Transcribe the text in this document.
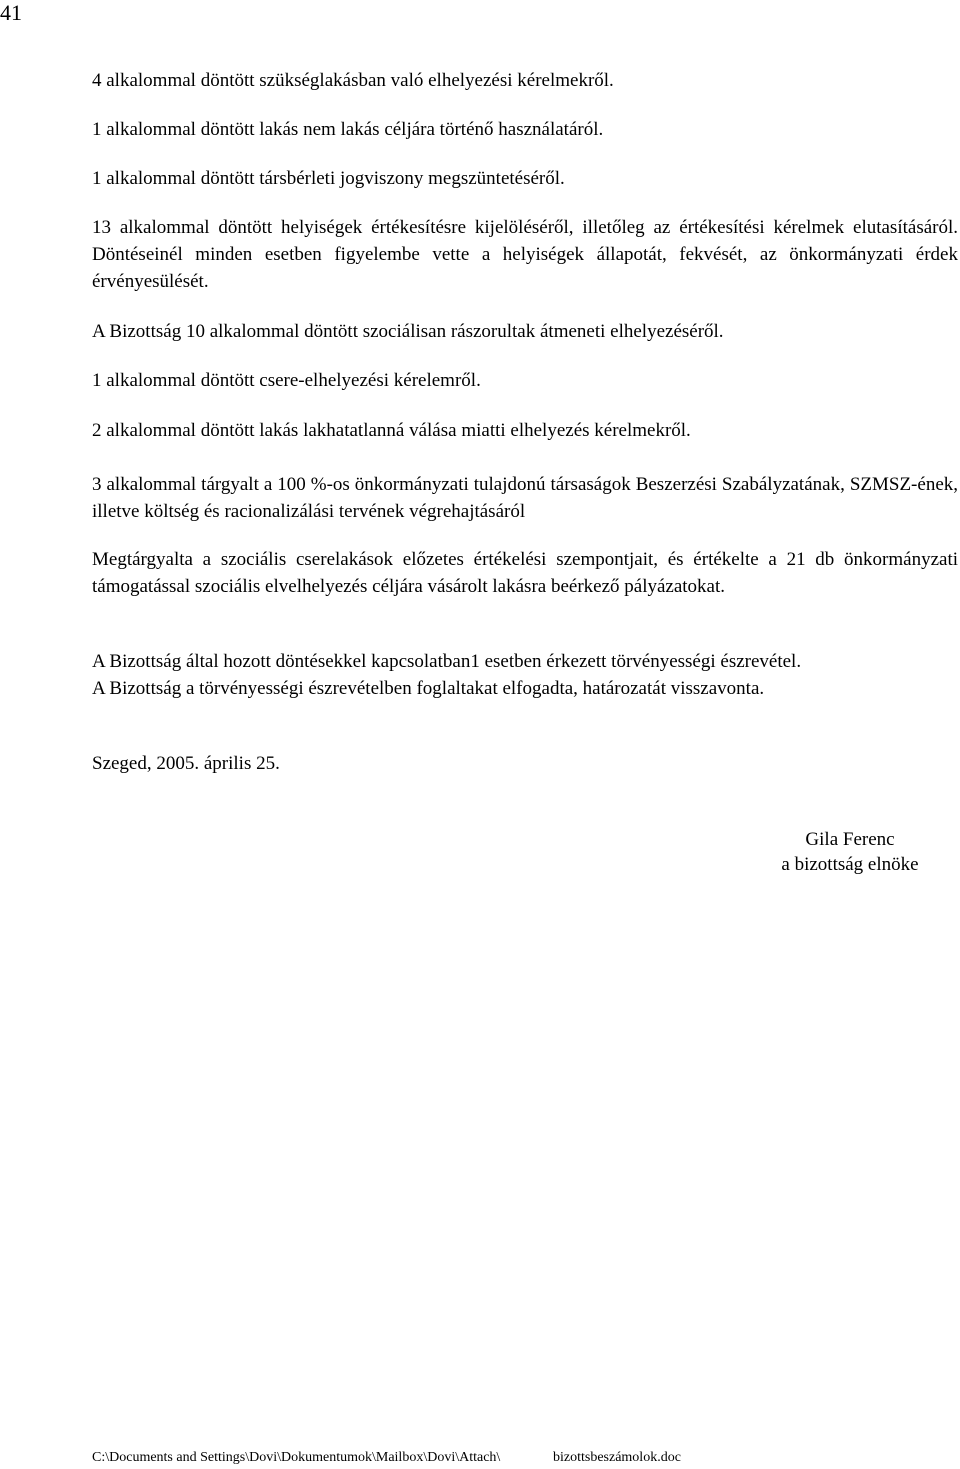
41
4 alkalommal döntött szükséglakásban való elhelyezési kérelmekről.
1 alkalommal döntött lakás nem lakás céljára történő használatáról.
1 alkalommal döntött társbérleti jogviszony megszüntetéséről.
13 alkalommal döntött helyiségek értékesítésre kijelöléséről, illetőleg az értékesítési kérelmek elutasításáról. Döntéseinél minden esetben figyelembe vette a helyiségek állapotát, fekvését, az önkormányzati érdek érvényesülését.
A Bizottság 10 alkalommal döntött szociálisan rászorultak átmeneti elhelyezéséről.
1 alkalommal döntött csere-elhelyezési kérelemről.
2 alkalommal döntött lakás lakhatatlanná válása miatti elhelyezés kérelmekről.
3 alkalommal tárgyalt a 100 %-os önkormányzati tulajdonú társaságok Beszerzési Szabályzatának, SZMSZ-ének, illetve költség és racionalizálási tervének végrehajtásáról
Megtárgyalta a szociális cserelakások előzetes értékelési szempontjait, és értékelte a 21 db önkormányzati támogatással szociális elvelhelyezés céljára vásárolt lakásra beérkező pályázatokat.
A Bizottság által hozott döntésekkel kapcsolatban1 esetben érkezett törvényességi észrevétel.
A Bizottság a törvényességi észrevételben foglaltakat elfogadta, határozatát visszavonta.
Szeged, 2005. április 25.
Gila Ferenc
a bizottság elnöke
C:\Documents and Settings\Dovi\Dokumentumok\Mailbox\Dovi\Attach\	bizottsbeszámolok.doc
